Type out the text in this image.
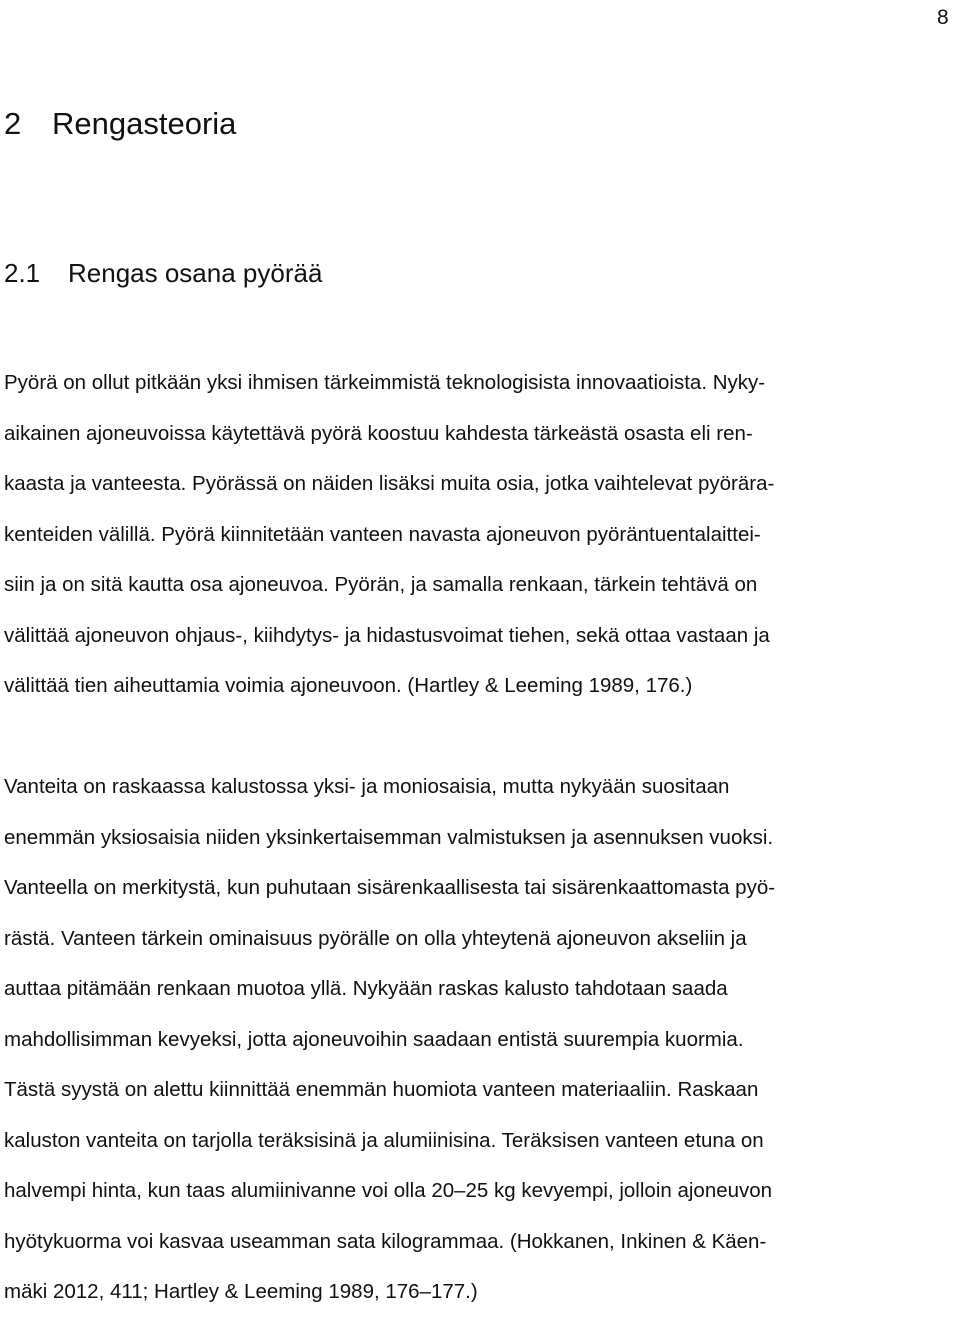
8
2 Rengasteoria
2.1 Rengas osana pyörää
Pyörä on ollut pitkään yksi ihmisen tärkeimmistä teknologisista innovaatioista. Nyky-
aikainen ajoneuvoissa käytettävä pyörä koostuu kahdesta tärkeästä osasta eli ren-
kaasta ja vanteesta. Pyörässä on näiden lisäksi muita osia, jotka vaihtelevat pyörära-
kenteiden välillä. Pyörä kiinnitetään vanteen navasta ajoneuvon pyöräntuentalaittei-
siin ja on sitä kautta osa ajoneuvoa. Pyörän, ja samalla renkaan, tärkein tehtävä on
välittää ajoneuvon ohjaus-, kiihdytys- ja hidastusvoimat tiehen, sekä ottaa vastaan ja
välittää tien aiheuttamia voimia ajoneuvoon. (Hartley & Leeming 1989, 176.)
Vanteita on raskaassa kalustossa yksi- ja moniosaisia, mutta nykyään suositaan
enemmän yksiosaisia niiden yksinkertaisemman valmistuksen ja asennuksen vuoksi.
Vanteella on merkitystä, kun puhutaan sisärenkaallisesta tai sisärenkaattomasta pyö-
rästä. Vanteen tärkein ominaisuus pyörälle on olla yhteytenä ajoneuvon akseliin ja
auttaa pitämään renkaan muotoa yllä. Nykyään raskas kalusto tahdotaan saada
mahdollisimman kevyeksi, jotta ajoneuvoihin saadaan entistä suurempia kuormia.
Tästä syystä on alettu kiinnittää enemmän huomiota vanteen materiaaliin. Raskaan
kaluston vanteita on tarjolla teräksisinä ja alumiinisina. Teräksisen vanteen etuna on
halvempi hinta, kun taas alumiinivanne voi olla 20–25 kg kevyempi, jolloin ajoneuvon
hyötykuorma voi kasvaa useamman sata kilogrammaa. (Hokkanen, Inkinen & Käen-
mäki 2012, 411; Hartley & Leeming 1989, 176–177.)
